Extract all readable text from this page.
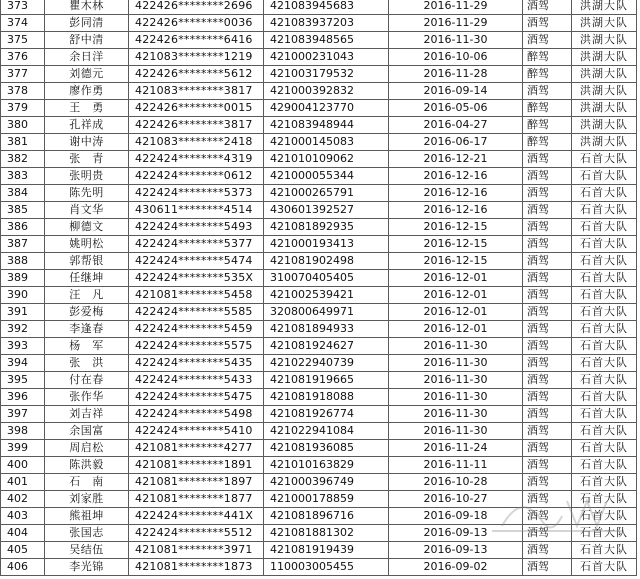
373	瞿木林	422426********2696	421083945683	2016-11-29	酒驾	洪湖大队
374	彭同清	422426********0036	421083937203	2016-11-29	酒驾	洪湖大队
375	舒中清	422426********6416	421083948565	2016-11-30	酒驾	洪湖大队
376	余日洋	421083********1219	421000231043	2016-10-06	醉驾	洪湖大队
377	刘德元	422426********5612	421003179532	2016-11-28	醉驾	洪湖大队
378	廖作勇	421083********3817	421000392832	2016-09-14	酒驾	洪湖大队
379	王　勇	422426********0015	429004123770	2016-05-06	醉驾	洪湖大队
380	孔祥成	422426********3817	421083948944	2016-04-27	醉驾	洪湖大队
381	谢中涛	421083********2418	421000145083	2016-06-17	醉驾	洪湖大队
382	张　青	422424********4319	421010109062	2016-12-21	酒驾	石首大队
383	张明贵	422424********0612	421000055344	2016-12-16	酒驾	石首大队
384	陈先明	422424********5373	421000265791	2016-12-16	酒驾	石首大队
385	肖文华	430611********4514	430601392527	2016-12-16	酒驾	石首大队
386	柳德文	422424********5493	421081892935	2016-12-15	酒驾	石首大队
387	姚明松	422424********5377	421000193413	2016-12-15	酒驾	石首大队
388	郭帮银	422424********5474	421081902498	2016-12-15	酒驾	石首大队
389	任继坤	422424********535X	310070405405	2016-12-01	酒驾	石首大队
390	汪　凡	421081********5458	421002539421	2016-12-01	酒驾	石首大队
391	彭爱梅	422424********5585	320800649971	2016-12-01	酒驾	石首大队
392	李逢春	422424********5459	421081894933	2016-12-01	酒驾	石首大队
393	杨　军	422424********5575	421081924627	2016-11-30	酒驾	石首大队
394	张　洪	422424********5435	421022940739	2016-11-30	酒驾	石首大队
395	付在春	422424********5433	421081919665	2016-11-30	酒驾	石首大队
396	张作华	422424********5475	421081918088	2016-11-30	酒驾	石首大队
397	刘吉祥	422424********5498	421081926774	2016-11-30	酒驾	石首大队
398	余国富	422424********5410	421022941084	2016-11-30	酒驾	石首大队
399	周启松	421081********4277	421081936085	2016-11-24	酒驾	石首大队
400	陈洪毅	421081********1891	421010163829	2016-11-11	酒驾	石首大队
401	石　南	421081********1897	421000396749	2016-10-28	酒驾	石首大队
402	刘家胜	421081********1877	421000178859	2016-10-27	酒驾	石首大队
403	熊祖坤	422424********441X	421081896716	2016-09-18	酒驾	石首大队
404	张国志	422424********5512	421081881302	2016-09-13	酒驾	石首大队
405	吴结伍	421081********3971	421081919439	2016-09-13	酒驾	石首大队
406	李光锦	421081********1873	110003005455	2016-09-02	酒驾	石首大队
